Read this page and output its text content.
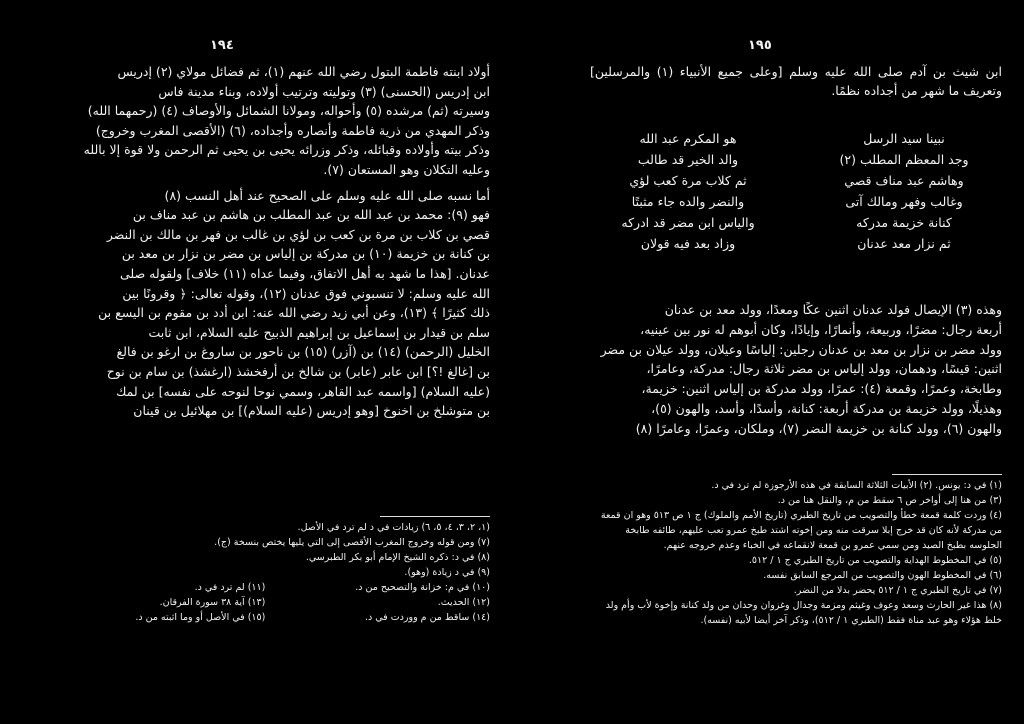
١٩٤

أولاد ابنته فاطمة البتول رضي الله عنهم (١)، ثم فضائل مولاي (٢) إدريس

ابن إدريس (الحسنى) (٣) وتوليته وترتيب أولاده، وبناء مدينة فاس

وسيرته (ثم) مرشده (٥) وأحواله، ومولانا الشمائل والأوصاف (٤) (رحمهما الله)

وذكر المهدي من ذرية فاطمة وأنصاره وأجداده، (٦) (الأقصى المغرب وخروج)

وذكر بيته وأولاده وقبائله، وذكر وزرائه يحيى بن يحيى ثم الرحمن ولا قوة إلا بالله

وعليه التكلان وهو المستعان (٧).

أما نسبه صلى الله عليه وسلم على الصحيح عند أهل النسب (٨)

فهو (٩): محمد بن عبد الله بن عبد المطلب بن هاشم بن عبد مناف بن

قصي بن كلاب بن مرة بن كعب بن لؤي بن غالب بن فهر بن مالك بن النضر

بن كنانة بن خزيمة (١٠) بن مدركة بن إلياس بن مضر بن نزار بن معد بن

عدنان. [هذا ما شهد به أهل الاتفاق، وفيما عداه (١١) خلاف] ولقوله صلى

الله عليه وسلم: لا تنسبوني فوق عدنان (١٢)، وقوله تعالى: ﴿ وقرونًا بين

ذلك كثيرًا ﴾ (١٣)، وعن أبي زيد رضي الله عنه: ابن أدد بن مقوم بن اليسع بن

سلم بن قيدار بن إسماعيل بن إبراهيم الذبيح عليه السلام، ابن ثابت

الخليل (الرحمن) (١٤) بن (آزر) (١٥) بن ناحور بن ساروغ بن ارغو بن فالغ

بن [غالغ !؟] ابن عابر (عابر) بن شالخ بن أرفخشذ (ارغشذ) بن سام بن نوح

(عليه السلام) [واسمه عبد القاهر، وسمي نوحا لنوحه على نفسه] بن لمك

بن متوشلخ بن اخنوخ [وهو إدريس (عليه السلام)] بن مهلائيل بن قينان

(١، ٢، ٣، ٤، ٥، ٦) زيادات في د لم ترد في الأصل.

(٧) ومن قوله وخروج المغرب الأقصى إلى التي يليها يختص بنسخة (ج).

(٨) في د: ذكره الشيخ الإمام أبو بكر الطبرسي.

(٩) في د زيادة (وهو).

(١٠) في م: خزانة والتصحيح من د.

(١١) لم ترد في د.

(١٢) الحديث.

(١٣) آية ٣٨ سورة الفرقان.

(١٤) ساقط من م ووردت في د.

(١٥) في الأصل أو وما اثبته من د.

١٩٥

ابن شيث بن آدم صلى الله عليه وسلم [وعلى جميع الأنبياء (١) والمرسلين] وتعريف ما شهر من أجداده نظمًا.

نبينا سيد الرسل
هو المكرم عبد الله
وجد المعظم المطلب (٢)
والد الخير قد طالب
وهاشم عبد مناف قصي
ثم كلاب مرة كعب لؤي
وغالب وفهر ومالك آتى
والنضر والده جاء مثبتًا
كنانة خزيمة مدركه
والياس ابن مضر قد ادركه
ثم نزار معد عدنان
وزاد بعد فيه قولان

وهذه (٣) الإيصال فولد عدنان اثنين عكًا ومعدًا، وولد معد بن عدنان

أربعة رجال: مضرًا، وربيعة، وأنمارًا، وإيادًا، وكان أبوهم له نور بين عينيه،

وولد مضر بن نزار بن معد بن عدنان رجلين: إلياسًا وعيلان، وولد عيلان بن مضر

اثنين: قيسًا، ودهمان، وولد إلياس بن مضر ثلاثة رجال: مدركة، وعامرًا،

وطابخة، وعمرًا، وقمعة (٤): عمرًا، وولد مدركة بن إلياس اثنين: خزيمة،

وهذيلًا، وولد خزيمة بن مدركة أربعة: كنانة، وأسدًا، وأسد، والهون (٥)،

والهون (٦)، وولد كنانة بن خزيمة النضر (٧)، وملكان، وعمرًا، وعامرًا (٨)

(١) في د: يونس. (٢) الأبيات الثلاثة السابقة في هذه الأرجوزة لم ترد في د.

(٣) من هنا إلى أواخر ص ٦ سقط من م، والنقل هنا من د.

(٤) وردت كلمة قمعة خطأ والتصويب من تاريخ الطبري (تاريخ الأمم والملوك) ج ١ ص ٥١٣ وهو ان قمعة

من مدركة لأنه كان قد خرج إبلا سرقت منه ومن إخوته اشتد طبخ عمرو تعب عليهم، طائفه طابخة

الجلوسه بطبخ الصيد ومن سمي عمرو بن قمعة لانقماعه في الخباء وعدم خروجه عنهم.

(٥) في المخطوط الهداية والتصويب من تاريخ الطبري ج ١ / ٥١٢.

(٦) في المخطوط الهون والتصويب من المرجع السابق نفسه.

(٧) في تاريخ الطبري ج ١ / ٥١٢ يحضر بدلا من النضر.

(٨) هذا غير الحارث وسعد وعوف وغيثم ومزمة وجدال وغزوان وحدان من ولد كنانة وإخوة لأب وأم ولد

خلط هؤلاء وهو عبد مناة فقط (الطبري ١ / ٥١٢)، وذكر آخر أيضا لأبيه (نفسه).
